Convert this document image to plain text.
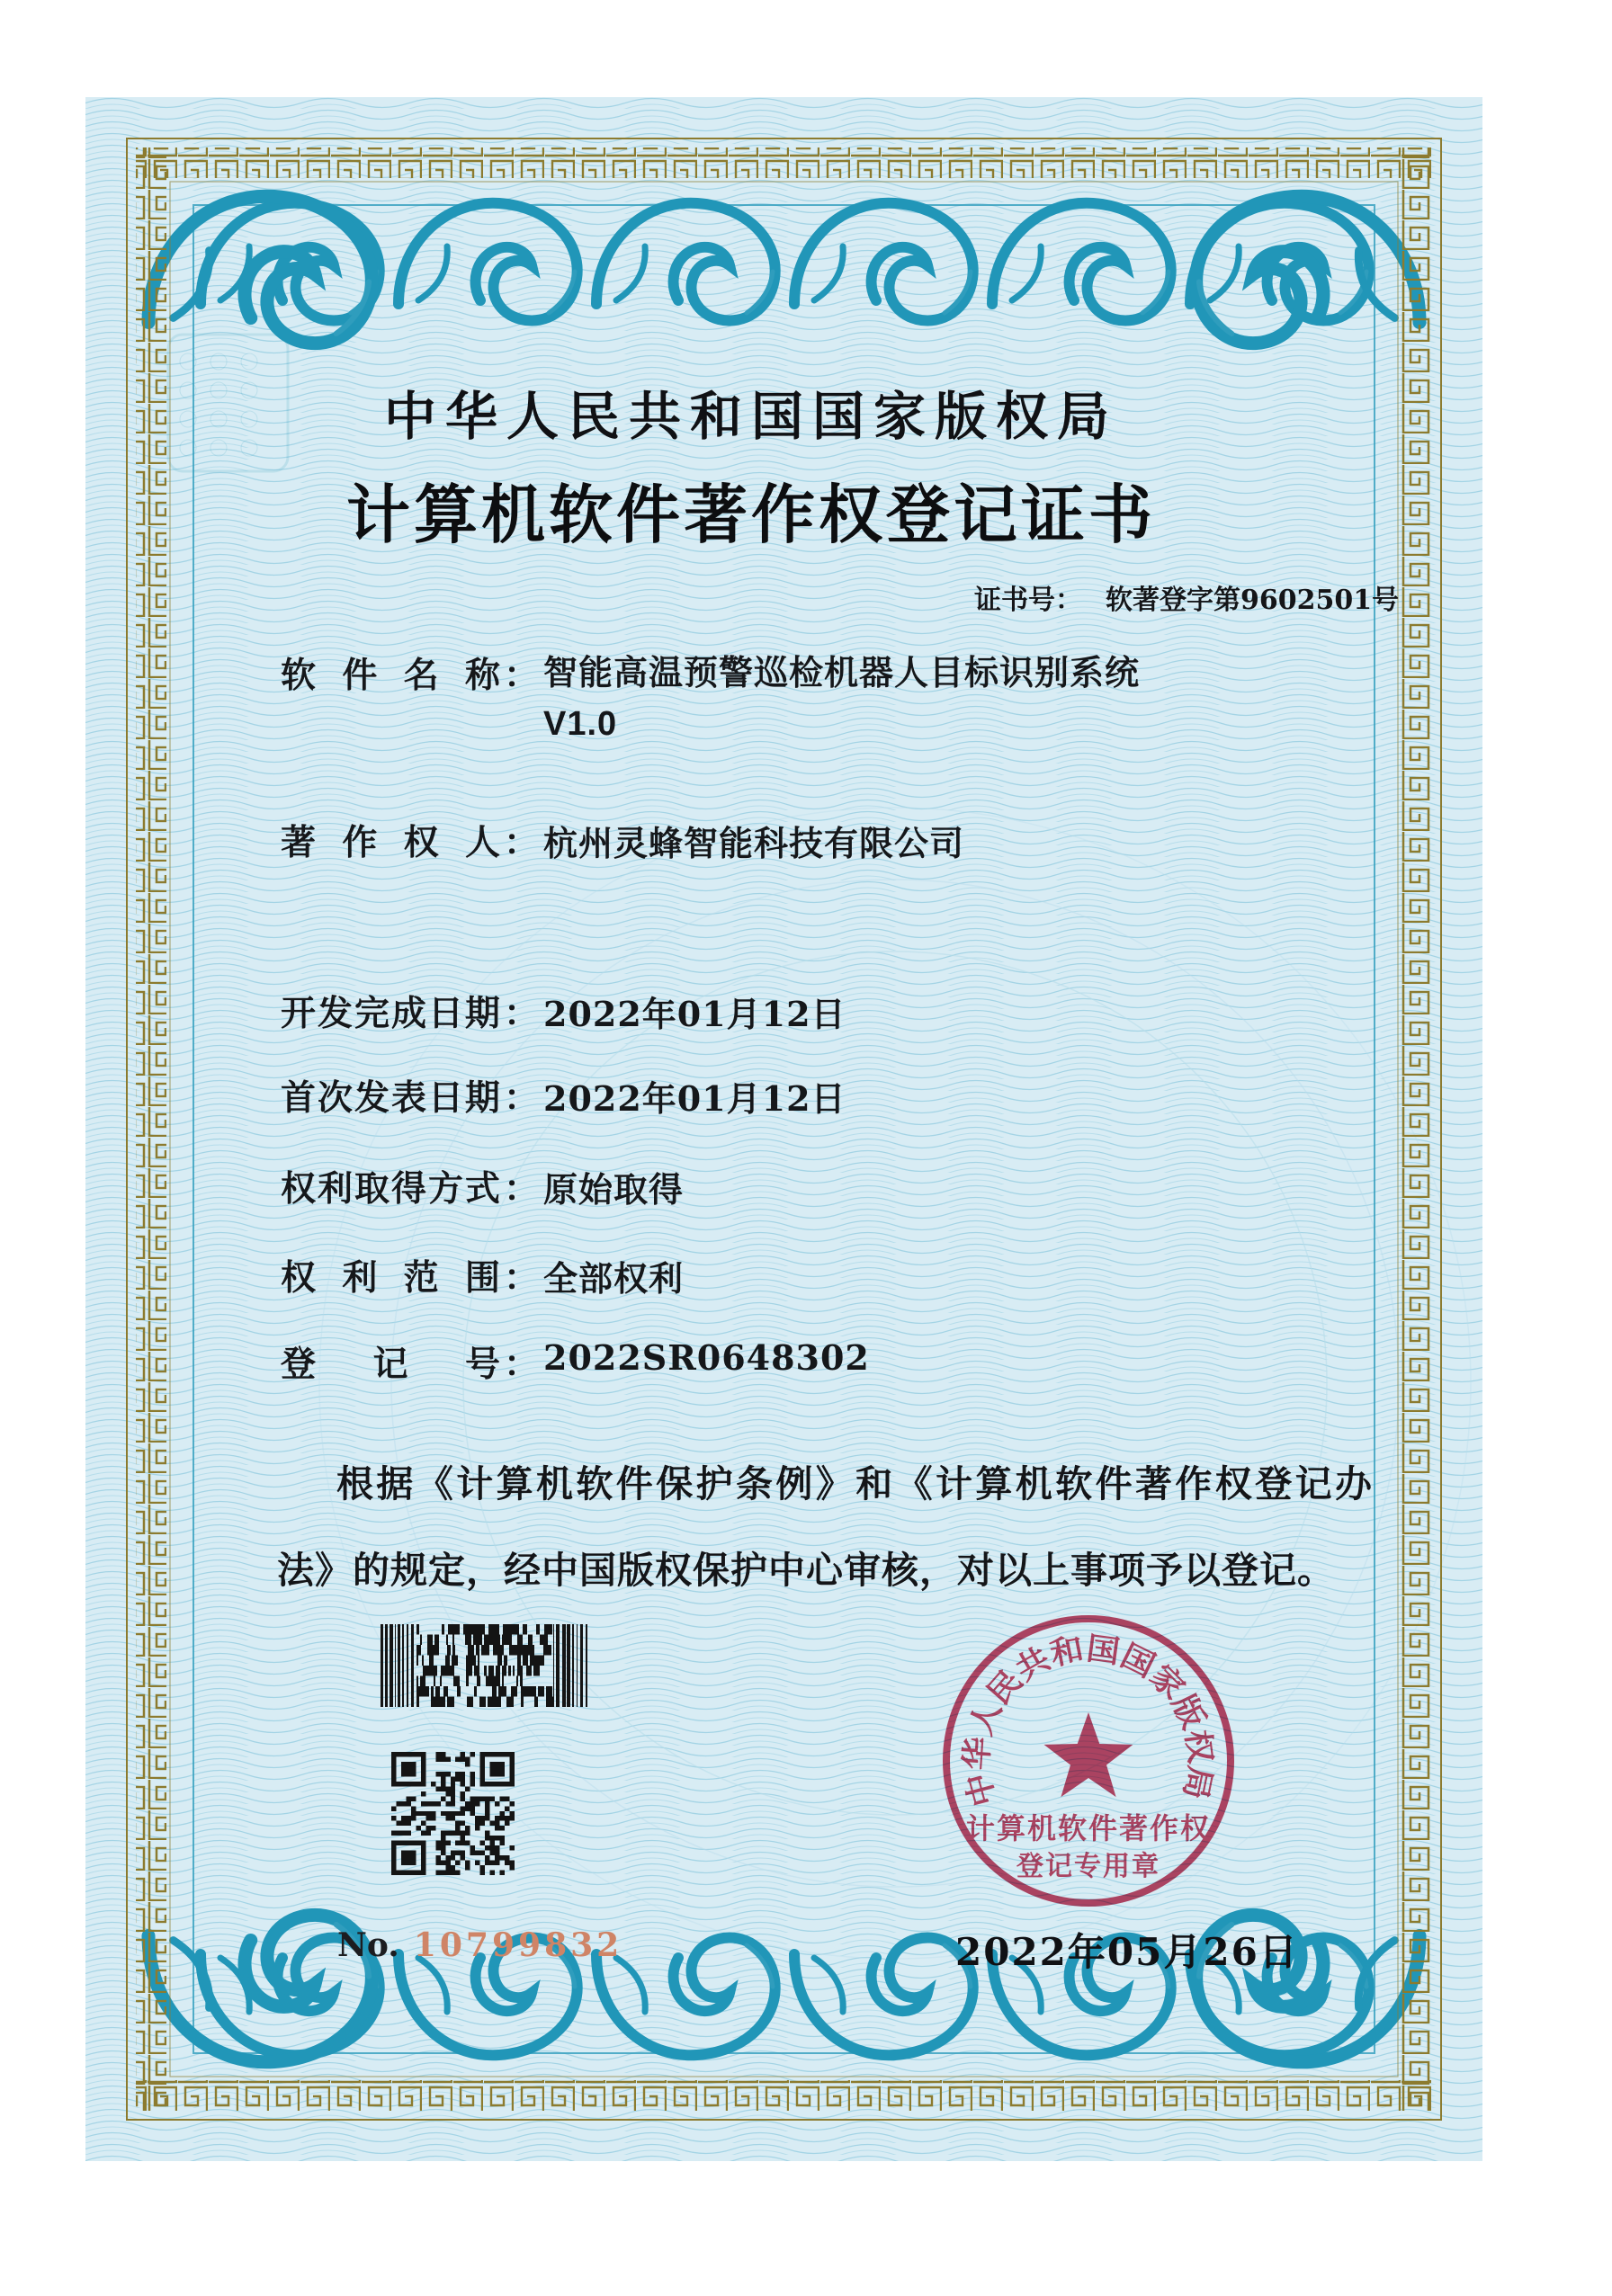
中华人民共和国国家版权局
计算机软件著作权登记证书
证书号： 软著登字第9602501号
软 件 名 称 ： 智能高温预警巡检机器人目标识别系统
V1.0
著 作 权 人 ： 杭州灵蜂智能科技有限公司
开 发 完 成 日 期 ： 2022年01月12日
首 次 发 表 日 期 ： 2022年01月12日
权 利 取 得 方 式 ： 原始取得
权 利 范 围 ： 全部权利
登 记 号 ： 2022SR0648302
根据《计算机软件保护条例》和《计算机软件著作权登记办法》的规定，经中国版权保护中心审核，对以上事项予以登记。
No. 10799832
中华人民共和国国家版权局
计算机软件著作权
登记专用章
2022年05月26日
